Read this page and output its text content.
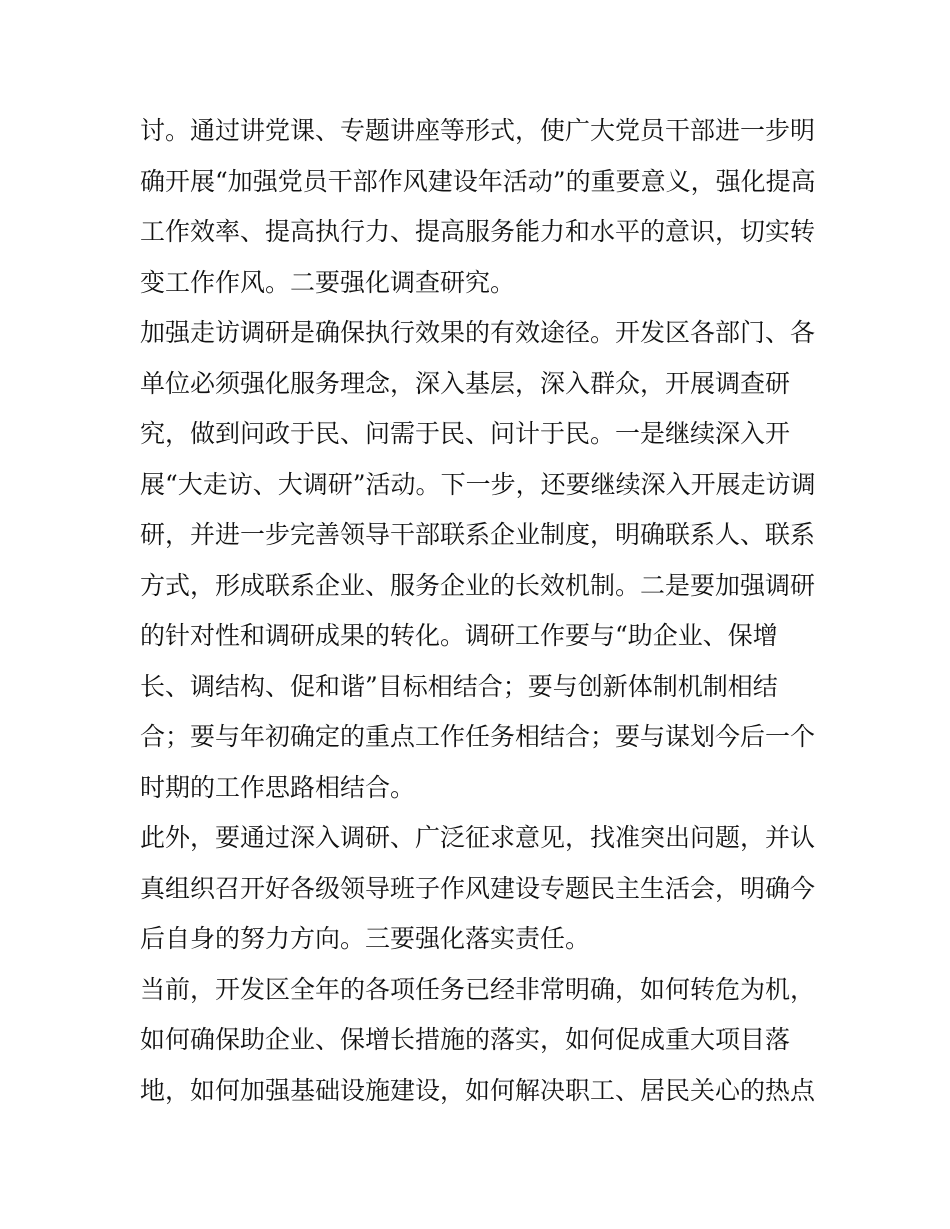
讨。通过讲党课、专题讲座等形式，使广大党员干部进一步明
确开展“加强党员干部作风建设年活动”的重要意义，强化提高
工作效率、提高执行力、提高服务能力和水平的意识，切实转
变工作作风。二要强化调查研究。
加强走访调研是确保执行效果的有效途径。开发区各部门、各
单位必须强化服务理念，深入基层，深入群众，开展调查研
究，做到问政于民、问需于民、问计于民。一是继续深入开
展“大走访、大调研”活动。下一步，还要继续深入开展走访调
研，并进一步完善领导干部联系企业制度，明确联系人、联系
方式，形成联系企业、服务企业的长效机制。二是要加强调研
的针对性和调研成果的转化。调研工作要与“助企业、保增
长、调结构、促和谐”目标相结合；要与创新体制机制相结
合；要与年初确定的重点工作任务相结合；要与谋划今后一个
时期的工作思路相结合。
此外，要通过深入调研、广泛征求意见，找准突出问题，并认
真组织召开好各级领导班子作风建设专题民主生活会，明确今
后自身的努力方向。三要强化落实责任。
当前，开发区全年的各项任务已经非常明确，如何转危为机，
如何确保助企业、保增长措施的落实，如何促成重大项目落
地，如何加强基础设施建设，如何解决职工、居民关心的热点
